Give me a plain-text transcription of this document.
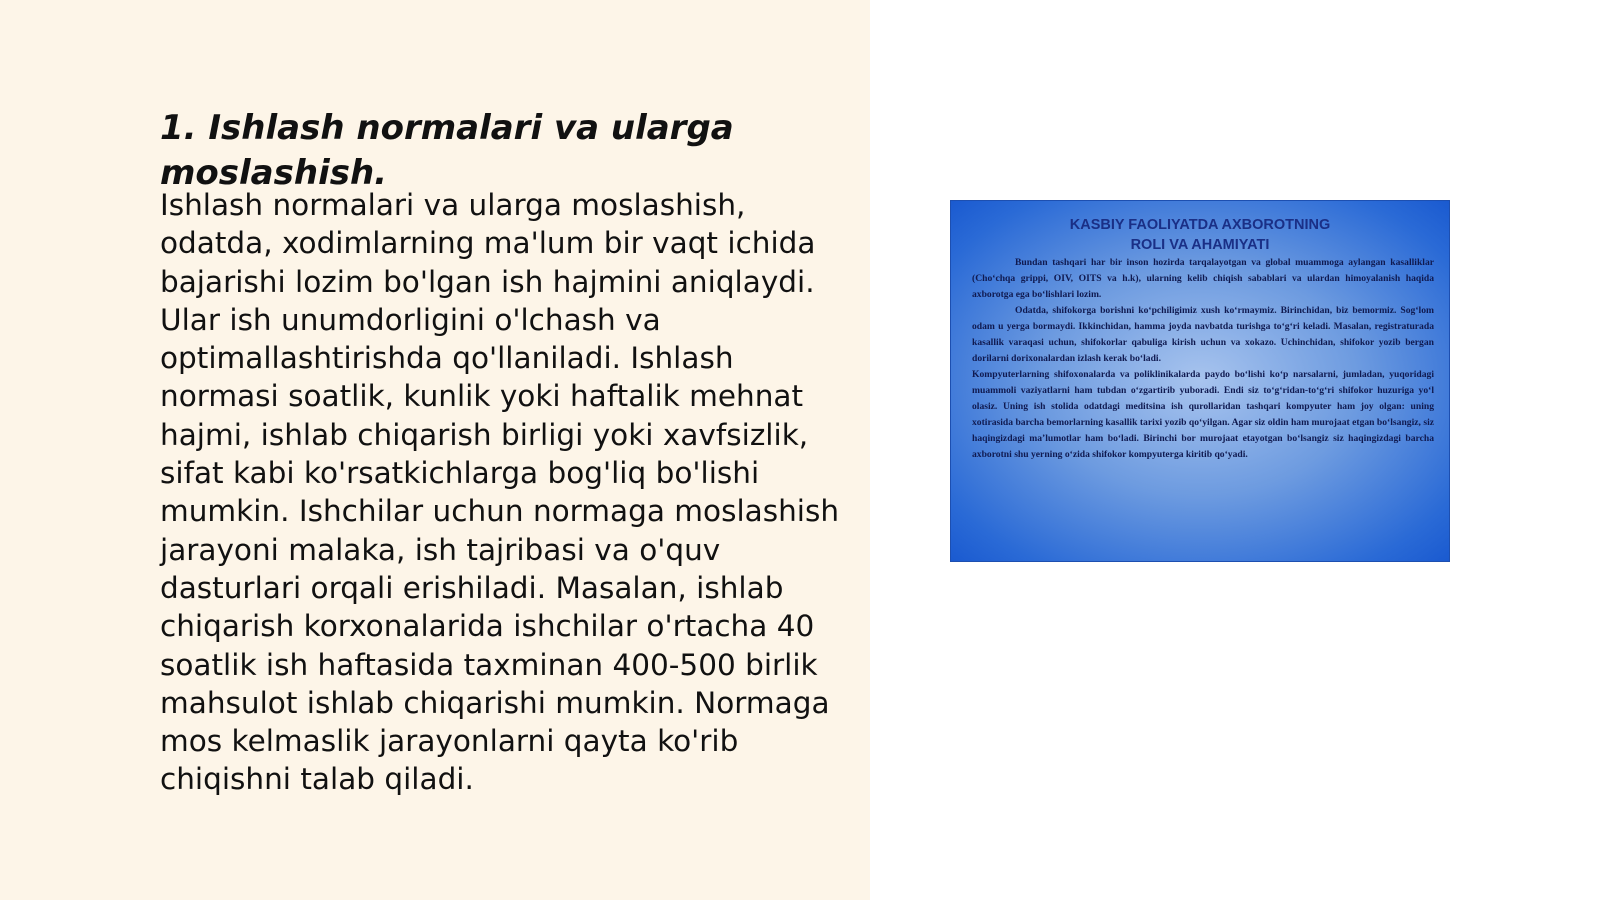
1. Ishlash normalari va ularga moslashish.

Ishlash normalari va ularga moslashish, odatda, xodimlarning ma'lum bir vaqt ichida bajarishi lozim bo'lgan ish hajmini aniqlaydi. Ular ish unumdorligini o'lchash va optimallashtirishda qo'llaniladi. Ishlash normasi soatlik, kunlik yoki haftalik mehnat hajmi, ishlab chiqarish birligi yoki xavfsizlik, sifat kabi ko'rsatkichlarga bog'liq bo'lishi mumkin. Ishchilar uchun normaga moslashish jarayoni malaka, ish tajribasi va o'quv dasturlari orqali erishiladi. Masalan, ishlab chiqarish korxonalarida ishchilar o'rtacha 40 soatlik ish haftasida taxminan 400-500 birlik mahsulot ishlab chiqarishi mumkin. Normaga mos kelmaslik jarayonlarni qayta ko'rib chiqishni talab qiladi.

KASBIY FAOLIYATDA AXBOROTNING
ROLI VA AHAMIYATI

Bundan tashqari har bir inson hozirda tarqalayotgan va global muammoga aylangan kasalliklar (Cho‘chqa grippi, OIV, OITS va h.k), ularning kelib chiqish sabablari va ulardan himoyalanish haqida axborotga ega bo‘lishlari lozim.

Odatda, shifokorga borishni ko‘pchiligimiz xush ko‘rmaymiz. Birinchidan, biz bemormiz. Sog‘lom odam u yerga bormaydi. Ikkinchidan, hamma joyda navbatda turishga to‘g‘ri keladi. Masalan, registraturada kasallik varaqasi uchun, shifokorlar qabuliga kirish uchun va xokazo. Uchinchidan, shifokor yozib bergan dorilarni dorixonalardan izlash kerak bo‘ladi.

Kompyuterlarning shifoxonalarda va poliklinikalarda paydo bo‘lishi ko‘p narsalarni, jumladan, yuqoridagi muammoli vaziyatlarni ham tubdan o‘zgartirib yuboradi. Endi siz to‘g‘ridan-to‘g‘ri shifokor huzuriga yo‘l olasiz. Uning ish stolida odatdagi meditsina ish qurollaridan tashqari kompyuter ham joy olgan: uning xotirasida barcha bemorlarning kasallik tarixi yozib qo‘yilgan. Agar siz oldin ham murojaat etgan bo‘lsangiz, siz haqingizdagi ma’lumotlar ham bo‘ladi. Birinchi bor murojaat etayotgan bo‘lsangiz siz haqingizdagi barcha axborotni shu yerning o‘zida shifokor kompyuterga kiritib qo‘yadi.
